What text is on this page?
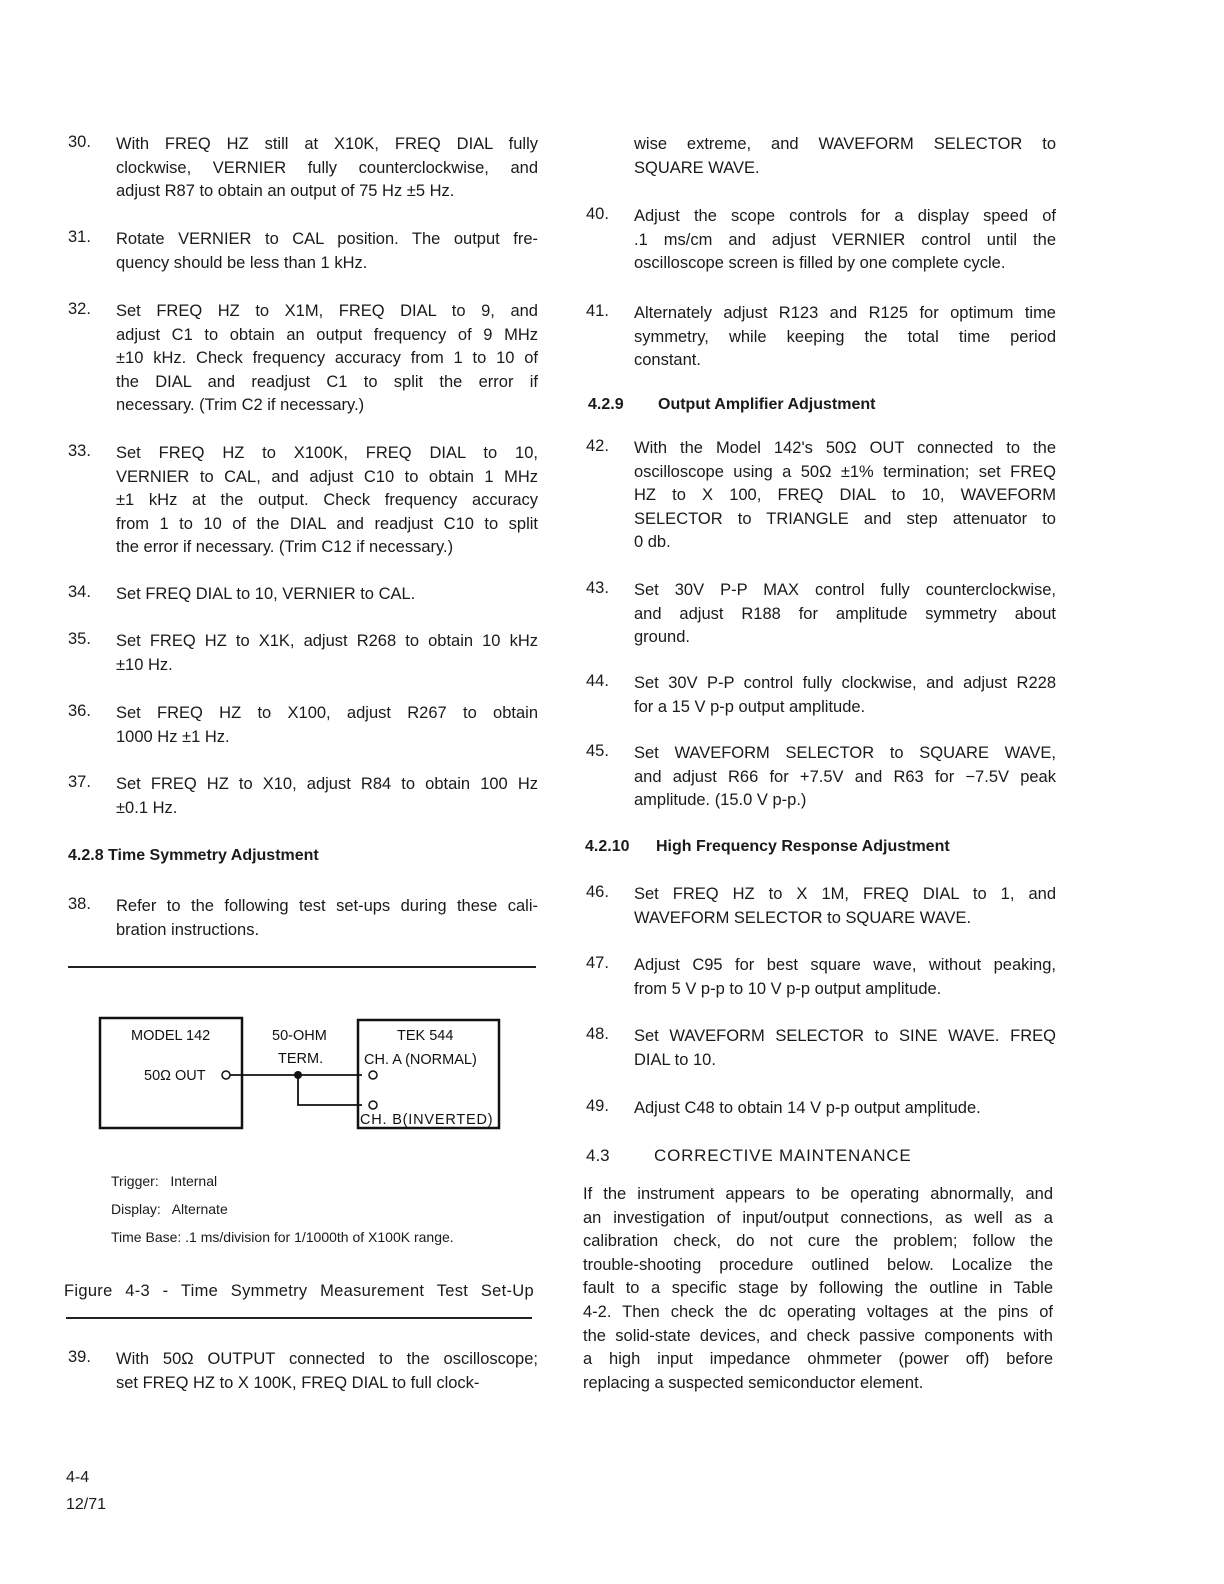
30. With FREQ HZ still at X10K, FREQ DIAL fully
clockwise, VERNIER fully counterclockwise, and
adjust R87 to obtain an output of 75 Hz ±5 Hz.
31. Rotate VERNIER to CAL position. The output fre-
quency should be less than 1 kHz.
32. Set FREQ HZ to X1M, FREQ DIAL to 9, and
adjust C1 to obtain an output frequency of 9 MHz
±10 kHz. Check frequency accuracy from 1 to 10 of
the DIAL and readjust C1 to split the error if
necessary. (Trim C2 if necessary.)
33. Set FREQ HZ to X100K, FREQ DIAL to 10,
VERNIER to CAL, and adjust C10 to obtain 1 MHz
±1 kHz at the output. Check frequency accuracy
from 1 to 10 of the DIAL and readjust C10 to split
the error if necessary. (Trim C12 if necessary.)
34. Set FREQ DIAL to 10, VERNIER to CAL.
35. Set FREQ HZ to X1K, adjust R268 to obtain 10 kHz
±10 Hz.
36. Set FREQ HZ to X100, adjust R267 to obtain
1000 Hz ±1 Hz.
37. Set FREQ HZ to X10, adjust R84 to obtain 100 Hz
±0.1 Hz.
38. Refer to the following test set-ups during these cali-
bration instructions.
39. With 50Ω OUTPUT connected to the oscilloscope;
set FREQ HZ to X 100K, FREQ DIAL to full clock-
wise extreme, and WAVEFORM SELECTOR to
SQUARE WAVE.
40. Adjust the scope controls for a display speed of
.1 ms/cm and adjust VERNIER control until the
oscilloscope screen is filled by one complete cycle.
41. Alternately adjust R123 and R125 for optimum time
symmetry, while keeping the total time period
constant.
42. With the Model 142's 50Ω OUT connected to the
oscilloscope using a 50Ω ±1% termination; set FREQ
HZ to X 100, FREQ DIAL to 10, WAVEFORM
SELECTOR to TRIANGLE and step attenuator to
0 db.
43. Set 30V P-P MAX control fully counterclockwise,
and adjust R188 for amplitude symmetry about
ground.
44. Set 30V P-P control fully clockwise, and adjust R228
for a 15 V p-p output amplitude.
45. Set WAVEFORM SELECTOR to SQUARE WAVE,
and adjust R66 for +7.5V and R63 for −7.5V peak
amplitude. (15.0 V p-p.)
46. Set FREQ HZ to X 1M, FREQ DIAL to 1, and
WAVEFORM SELECTOR to SQUARE WAVE.
47. Adjust C95 for best square wave, without peaking,
from 5 V p-p to 10 V p-p output amplitude.
48. Set WAVEFORM SELECTOR to SINE WAVE. FREQ
DIAL to 10.
49. Adjust C48 to obtain 14 V p-p output amplitude.
4.2.8 Time Symmetry Adjustment
MODEL 142
50Ω OUT
50-OHM
TERM.
TEK 544
CH. A (NORMAL)
CH. B(INVERTED)
Trigger: Internal
Display: Alternate
Time Base: .1 ms/division for 1/1000th of X100K range.
Figure 4-3 - Time Symmetry Measurement Test Set-Up
4.2.9 Output Amplifier Adjustment
4.2.10 High Frequency Response Adjustment
4.3	CORRECTIVE MAINTENANCE
If the instrument appears to be operating abnormally, and
an investigation of input/output connections, as well as a
calibration check, do not cure the problem; follow the
trouble-shooting procedure outlined below. Localize the
fault to a specific stage by following the outline in Table
4-2. Then check the dc operating voltages at the pins of
the solid-state devices, and check passive components with
a high input impedance ohmmeter (power off) before
replacing a suspected semiconductor element.
4-4
12/71
